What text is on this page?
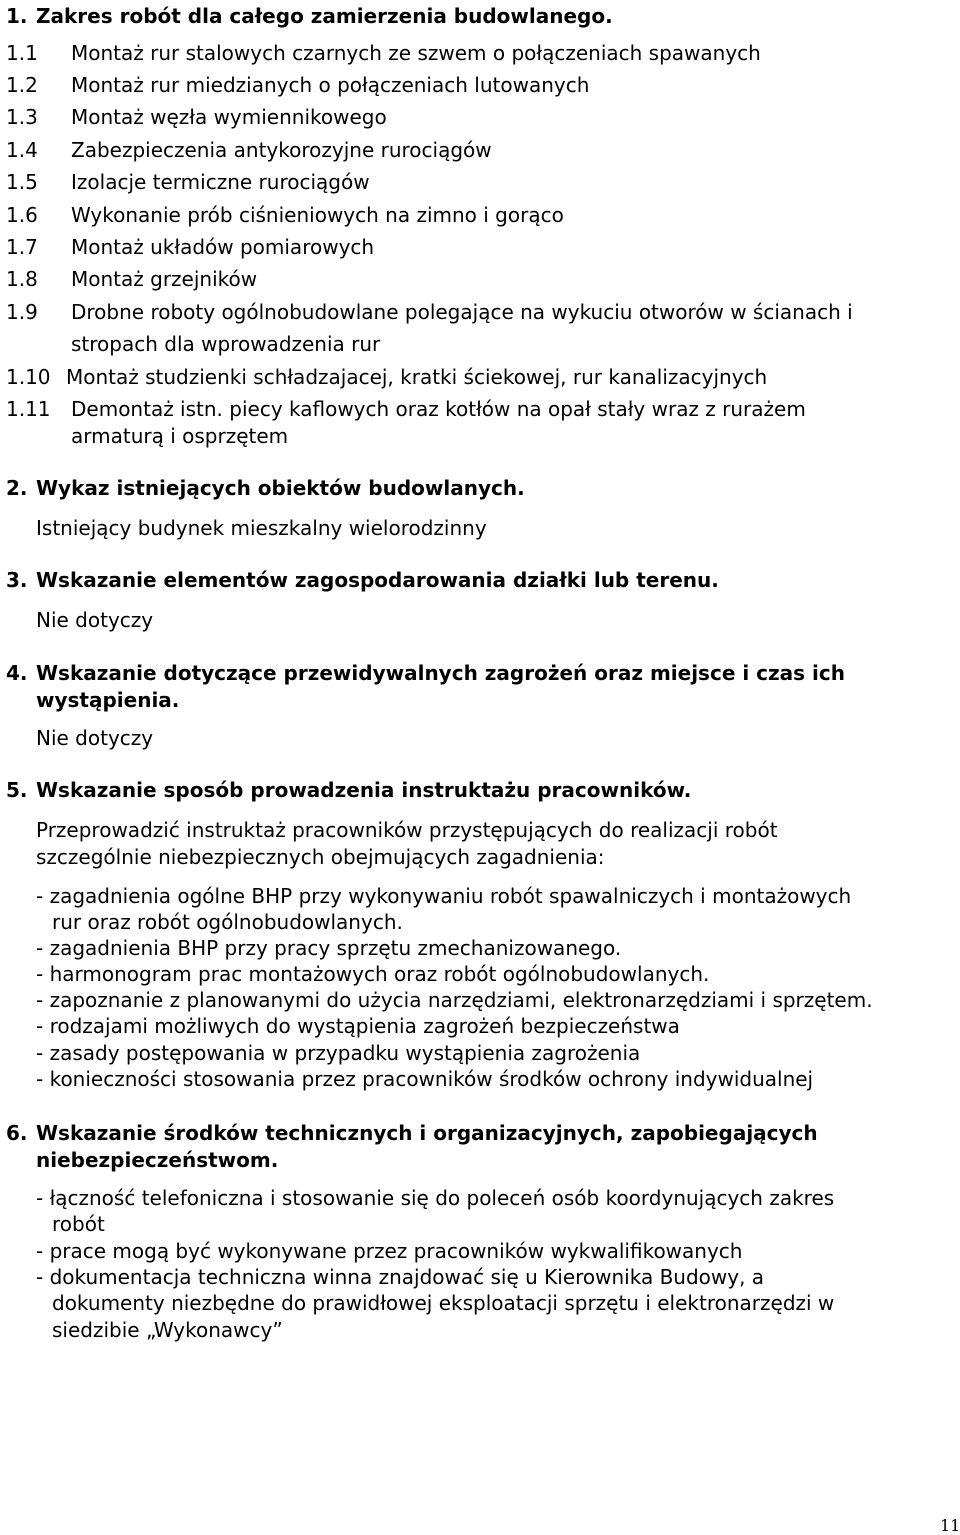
1. Zakres robót dla całego zamierzenia budowlanego.
1.1 Montaż rur stalowych czarnych ze szwem o połączeniach spawanych
1.2 Montaż rur miedzianych o połączeniach lutowanych
1.3 Montaż węzła wymiennikowego
1.4 Zabezpieczenia antykorozyjne rurociągów
1.5 Izolacje termiczne rurociągów
1.6 Wykonanie prób ciśnieniowych na zimno i gorąco
1.7 Montaż układów pomiarowych
1.8 Montaż grzejników
1.9 Drobne roboty ogólnobudowlane polegające na wykuciu otworów w ścianach i
stropach dla wprowadzenia rur
1.10 Montaż studzienki schładzajacej, kratki ściekowej, rur kanalizacyjnych
1.11 Demontaż istn. piecy kaflowych oraz kotłów na opał stały wraz z rurażem
armaturą i osprzętem
2. Wykaz istniejących obiektów budowlanych.
Istniejący budynek mieszkalny wielorodzinny
3. Wskazanie elementów zagospodarowania działki lub terenu.
Nie dotyczy
4. Wskazanie dotyczące przewidywalnych zagrożeń oraz miejsce i czas ich
wystąpienia.
Nie dotyczy
5. Wskazanie sposób prowadzenia instruktażu pracowników.
Przeprowadzić instruktaż pracowników przystępujących do realizacji robót
szczególnie niebezpiecznych obejmujących zagadnienia:
- zagadnienia ogólne BHP przy wykonywaniu robót spawalniczych i montażowych
rur oraz robót ogólnobudowlanych.
- zagadnienia BHP przy pracy sprzętu zmechanizowanego.
- harmonogram prac montażowych oraz robót ogólnobudowlanych.
- zapoznanie z planowanymi do użycia narzędziami, elektronarzędziami i sprzętem.
- rodzajami możliwych do wystąpienia zagrożeń bezpieczeństwa
- zasady postępowania w przypadku wystąpienia zagrożenia
- konieczności stosowania przez pracowników środków ochrony indywidualnej
6. Wskazanie środków technicznych i organizacyjnych, zapobiegających
niebezpieczeństwom.
- łączność telefoniczna i stosowanie się do poleceń osób koordynujących zakres
robót
- prace mogą być wykonywane przez pracowników wykwalifikowanych
- dokumentacja techniczna winna znajdować się u Kierownika Budowy, a
dokumenty niezbędne do prawidłowej eksploatacji sprzętu i elektronarzędzi w
siedzibie „Wykonawcy”
11
